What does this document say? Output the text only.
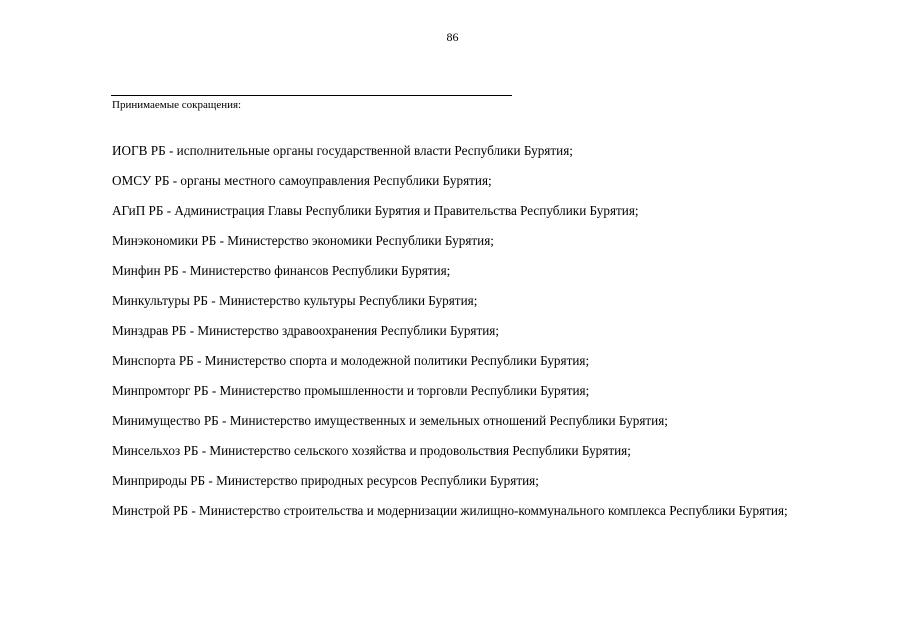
86
Принимаемые сокращения:
ИОГВ РБ - исполнительные органы государственной власти Республики Бурятия;
ОМСУ РБ - органы местного самоуправления Республики Бурятия;
АГиП РБ - Администрация Главы Республики Бурятия и Правительства Республики Бурятия;
Минэкономики РБ - Министерство экономики Республики Бурятия;
Минфин РБ - Министерство финансов Республики Бурятия;
Минкультуры РБ - Министерство культуры Республики Бурятия;
Минздрав РБ - Министерство здравоохранения Республики Бурятия;
Минспорта РБ - Министерство спорта и молодежной политики Республики Бурятия;
Минпромторг РБ - Министерство промышленности и торговли Республики Бурятия;
Минимущество РБ - Министерство имущественных и земельных отношений Республики Бурятия;
Минсельхоз РБ - Министерство сельского хозяйства и продовольствия Республики Бурятия;
Минприроды РБ - Министерство природных ресурсов Республики Бурятия;
Минстрой РБ - Министерство строительства и модернизации жилищно-коммунального комплекса Республики Бурятия;
